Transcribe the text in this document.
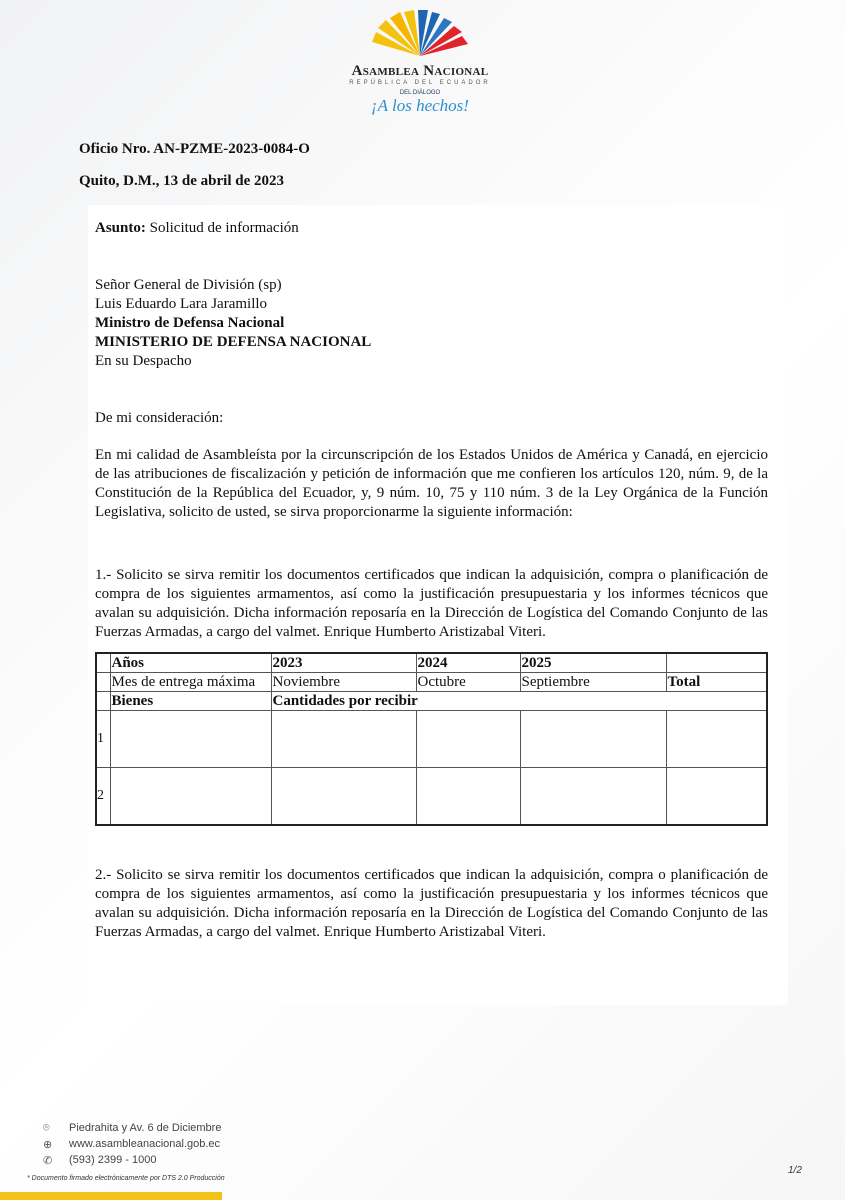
Asamblea Nacional
REPÚBLICA DEL ECUADOR
DEL DIÁLOGO
¡A los hechos!
Oficio Nro. AN-PZME-2023-0084-O
Quito, D.M., 13 de abril de 2023
Asunto: Solicitud de información
Señor General de División (sp)
Luis Eduardo Lara Jaramillo
Ministro de Defensa Nacional
MINISTERIO DE DEFENSA NACIONAL
En su Despacho
De mi consideración:
En mi calidad de Asambleísta por la circunscripción de los Estados Unidos de América y Canadá, en ejercicio de las atribuciones de fiscalización y petición de información que me confieren los artículos 120, núm. 9, de la Constitución de la República del Ecuador, y, 9 núm. 10, 75 y 110 núm. 3 de la Ley Orgánica de la Función Legislativa, solicito de usted, se sirva proporcionarme la siguiente información:
1.- Solicito se sirva remitir los documentos certificados que indican la adquisición, compra o planificación de compra de los siguientes armamentos, así como la justificación presupuestaria y los informes técnicos que avalan su adquisición. Dicha información reposaría en la Dirección de Logística del Comando Conjunto de las Fuerzas Armadas, a cargo del valmet. Enrique Humberto Aristizabal Viteri.
	Años	2023	2024	2025	
	Mes de entrega máxima	Noviembre	Octubre	Septiembre	Total
	Bienes	Cantidades por recibir			
1					
2					
2.- Solicito se sirva remitir los documentos certificados que indican la adquisición, compra o planificación de compra de los siguientes armamentos, así como la justificación presupuestaria y los informes técnicos que avalan su adquisición. Dicha información reposaría en la Dirección de Logística del Comando Conjunto de las Fuerzas Armadas, a cargo del valmet. Enrique Humberto Aristizabal Viteri.
⌾	Piedrahita y Av. 6 de Diciembre
⊕	www.asambleanacional.gob.ec
✆	(593) 2399 - 1000
* Documento firmado electrónicamente por DTS 2.0 Producción
1/2
